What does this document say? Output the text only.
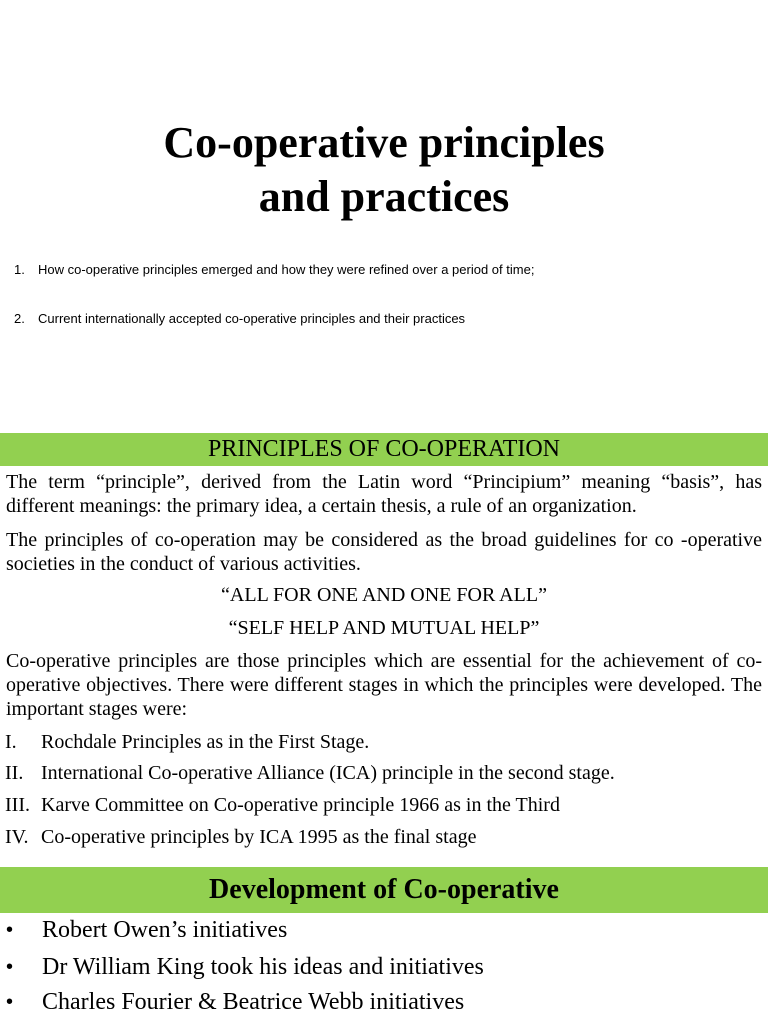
Co-operative principles
and practices
1. How co-operative principles emerged and how they were refined over a period of time;
2. Current internationally accepted co-operative principles and their practices
PRINCIPLES OF CO-OPERATION
The term “principle”, derived from the Latin word “Principium” meaning “basis”, has different meanings: the primary idea, a certain thesis, a rule of an organization.
The principles of co-operation may be considered as the broad guidelines for co -operative societies in the conduct of various activities.
“ALL FOR ONE AND ONE FOR ALL”
“SELF HELP AND MUTUAL HELP”
Co-operative principles are those principles which are essential for the achievement of co-operative objectives. There were different stages in which the principles were developed. The important stages were:
I. Rochdale Principles as in the First Stage.
II. International Co-operative Alliance (ICA) principle in the second stage.
III. Karve Committee on Co-operative principle 1966 as in the Third
IV. Co-operative principles by ICA 1995 as the final stage
Development of Co-operative
• Robert Owen’s initiatives
• Dr William King took his ideas and initiatives
• Charles Fourier & Beatrice Webb initiatives
